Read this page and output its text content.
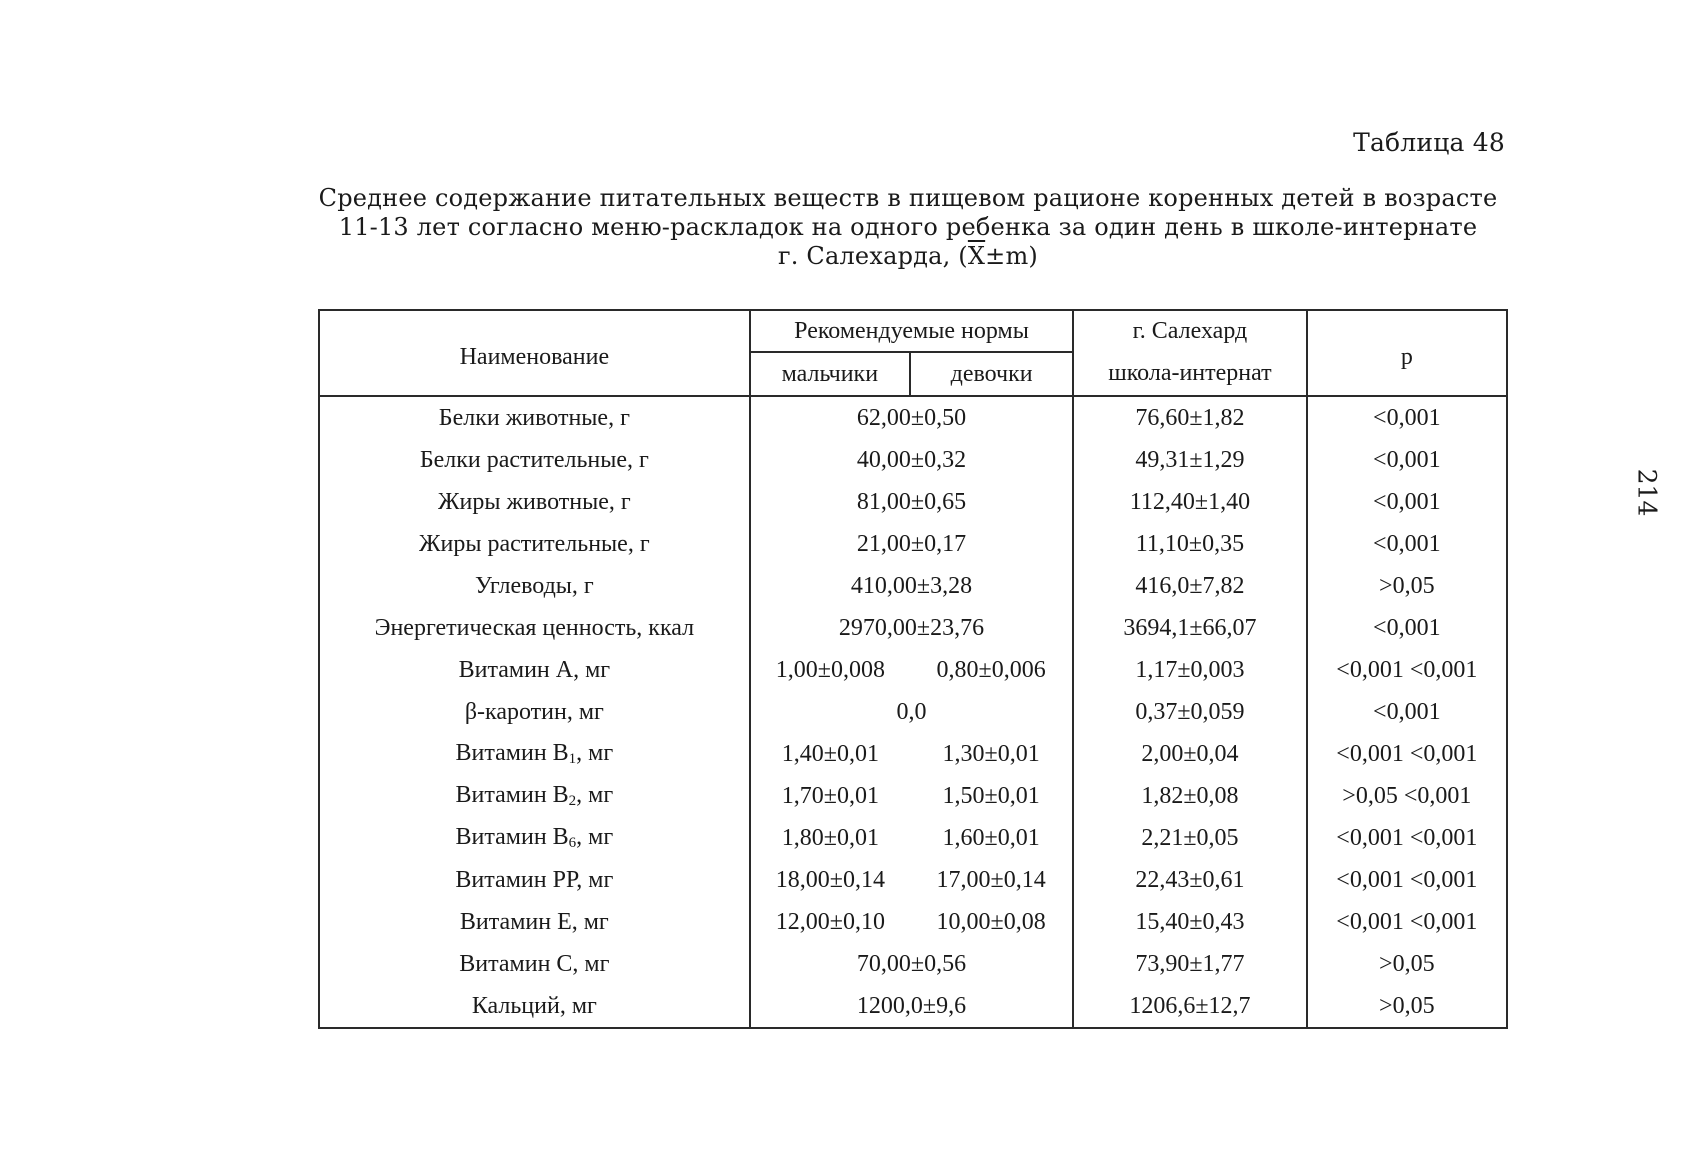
Таблица 48
Среднее содержание питательных веществ в пищевом рационе коренных детей в возрасте
11-13 лет согласно меню-раскладок на одного ребенка за один день в школе-интернате
г. Салехарда, $(\overline{X}\pm m)$
214
Наименование	Рекомендуемые нормы		г. Салехард	р
	мальчики	девочки	школа-интернат	
Белки животные, г	62,00±0,50		76,60±1,82	<0,001
Белки растительные, г	40,00±0,32		49,31±1,29	<0,001
Жиры животные, г	81,00±0,65		112,40±1,40	<0,001
Жиры растительные, г	21,00±0,17		11,10±0,35	<0,001
Углеводы, г	410,00±3,28		416,0±7,82	>0,05
Энергетическая ценность, ккал	2970,00±23,76		3694,1±66,07	<0,001
Витамин А, мг	1,00±0,008	0,80±0,006	1,17±0,003	<0,001 <0,001
β-каротин, мг	0,0		0,37±0,059	<0,001
Витамин $B_1$, мг	1,40±0,01	1,30±0,01	2,00±0,04	<0,001 <0,001
Витамин $B_2$, мг	1,70±0,01	1,50±0,01	1,82±0,08	>0,05 <0,001
Витамин $B_6$, мг	1,80±0,01	1,60±0,01	2,21±0,05	<0,001 <0,001
Витамин РР, мг	18,00±0,14	17,00±0,14	22,43±0,61	<0,001 <0,001
Витамин Е, мг	12,00±0,10	10,00±0,08	15,40±0,43	<0,001 <0,001
Витамин С, мг	70,00±0,56		73,90±1,77	>0,05
Кальций, мг	1200,0±9,6		1206,6±12,7	>0,05
